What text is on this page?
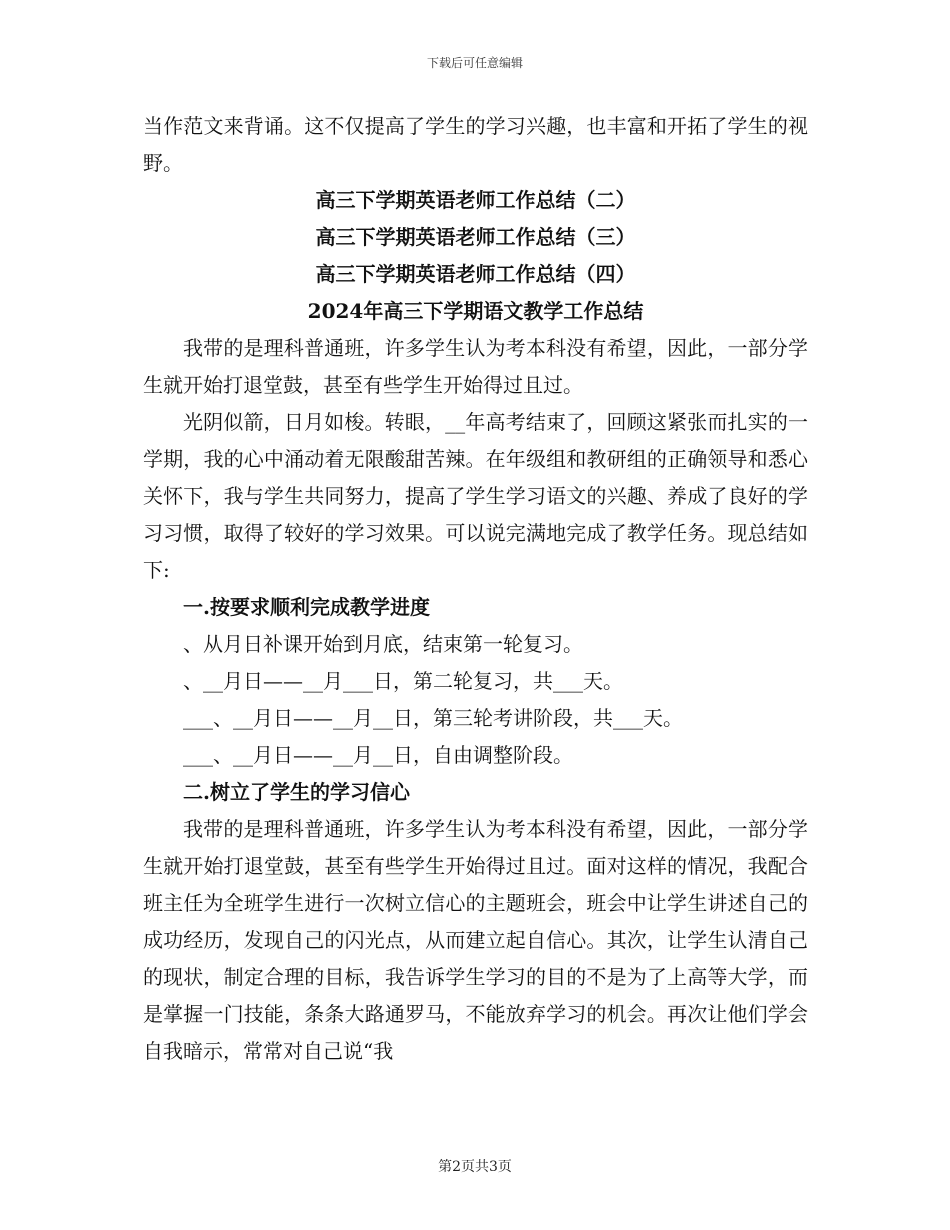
下载后可任意编辑

当作范文来背诵。这不仅提高了学生的学习兴趣，也丰富和开拓了学生的视野。

高三下学期英语老师工作总结（二）

高三下学期英语老师工作总结（三）

高三下学期英语老师工作总结（四）

2024年高三下学期语文教学工作总结

我带的是理科普通班，许多学生认为考本科没有希望，因此，一部分学生就开始打退堂鼓，甚至有些学生开始得过且过。

光阴似箭，日月如梭。转眼，__年高考结束了，回顾这紧张而扎实的一学期，我的心中涌动着无限酸甜苦辣。在年级组和教研组的正确领导和悉心关怀下，我与学生共同努力，提高了学生学习语文的兴趣、养成了良好的学习习惯，取得了较好的学习效果。可以说完满地完成了教学任务。现总结如下:

一.按要求顺利完成教学进度

、从月日补课开始到月底，结束第一轮复习。

、__月日——__月___日，第二轮复习，共___天。

___、__月日——__月__日，第三轮考讲阶段，共___天。

___、__月日——__月__日，自由调整阶段。

二.树立了学生的学习信心

我带的是理科普通班，许多学生认为考本科没有希望，因此，一部分学生就开始打退堂鼓，甚至有些学生开始得过且过。面对这样的情况，我配合班主任为全班学生进行一次树立信心的主题班会，班会中让学生讲述自己的成功经历，发现自己的闪光点，从而建立起自信心。其次，让学生认清自己的现状，制定合理的目标，我告诉学生学习的目的不是为了上高等大学，而是掌握一门技能，条条大路通罗马，不能放弃学习的机会。再次让他们学会自我暗示，常常对自己说“我

第2页共3页
